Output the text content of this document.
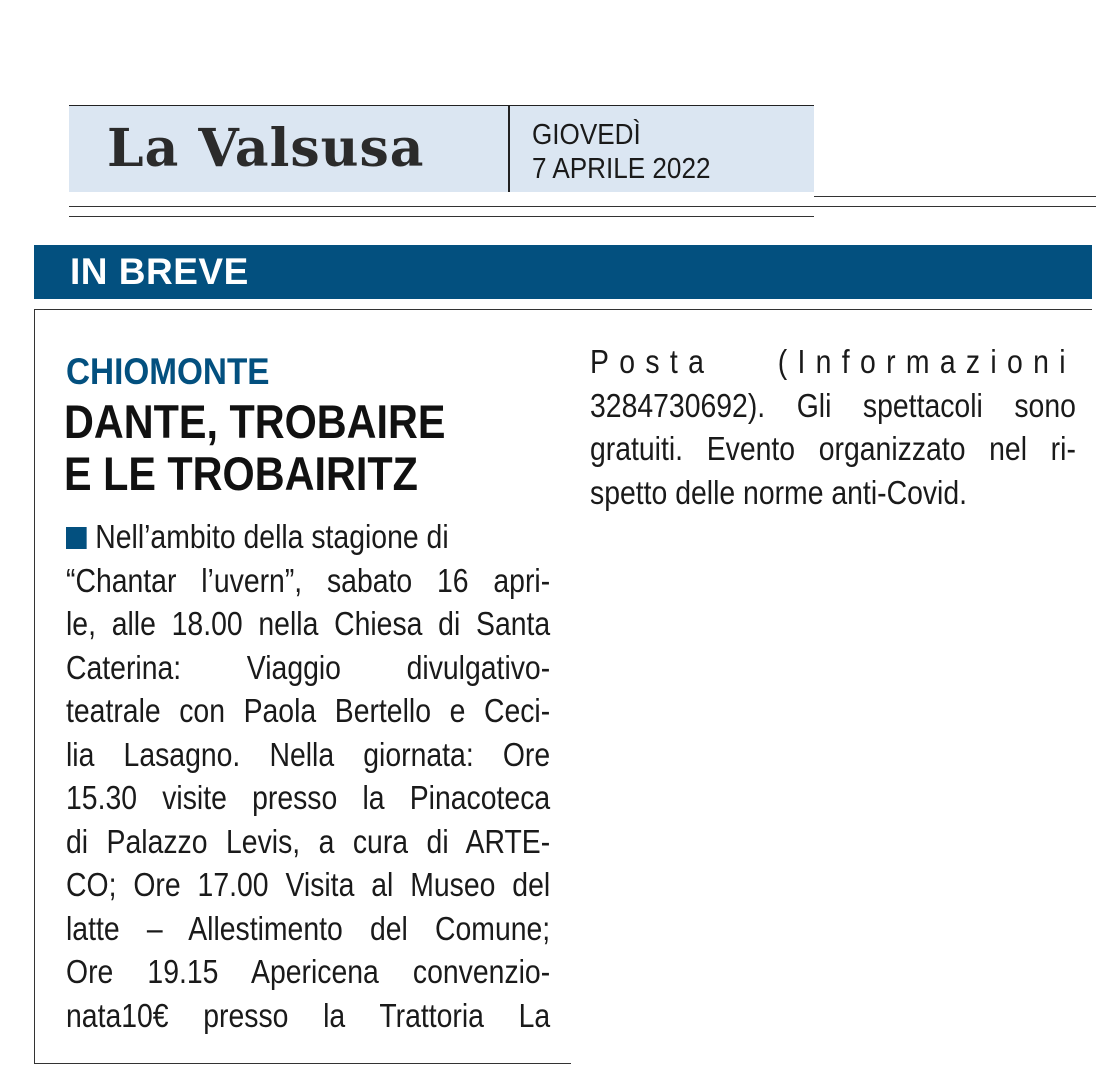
La Valsusa	GIOVEDÌ
7 APRILE 2022
IN BREVE
CHIOMONTE
DANTE, TROBAIRE
E LE TROBAIRITZ
Nell’ambito della stagione di
“Chantar l’uvern”, sabato 16 apri-
le, alle 18.00 nella Chiesa di Santa
Caterina: Viaggio divulgativo-
teatrale con Paola Bertello e Ceci-
lia Lasagno. Nella giornata: Ore
15.30 visite presso la Pinacoteca
di Palazzo Levis, a cura di ARTE-
CO; Ore 17.00 Visita al Museo del
latte – Allestimento del Comune;
Ore 19.15 Apericena convenzio-
nata10€ presso la Trattoria La
Posta (Informazioni
3284730692). Gli spettacoli sono
gratuiti. Evento organizzato nel ri-
spetto delle norme anti-Covid.
